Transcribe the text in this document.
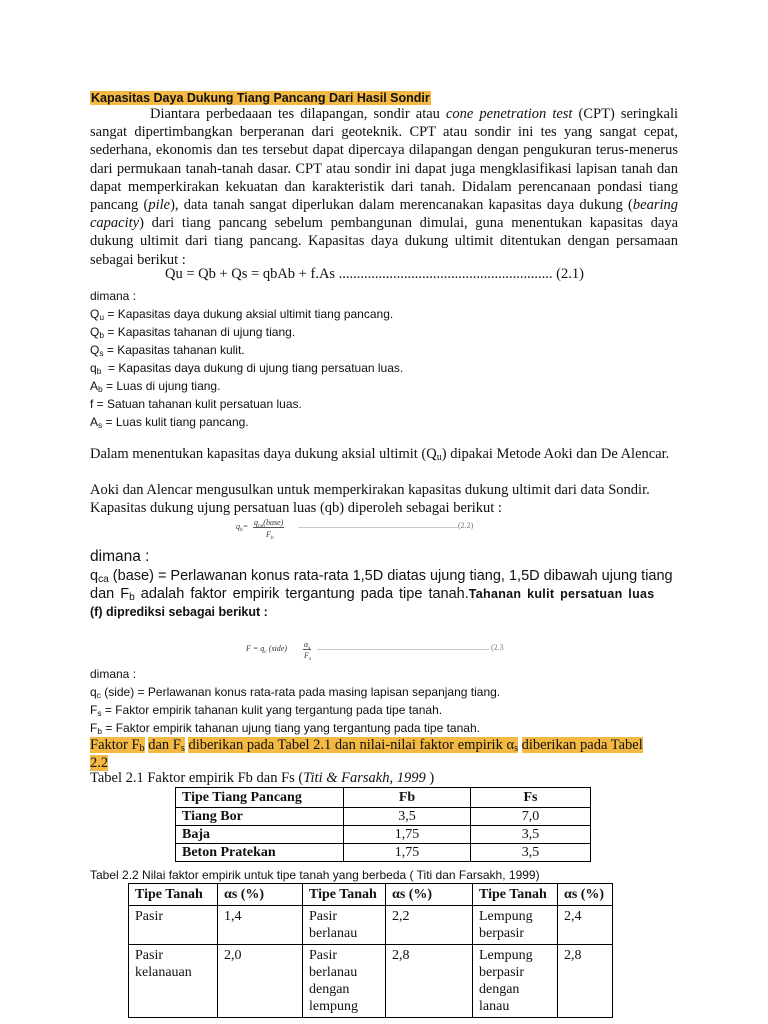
Kapasitas Daya Dukung Tiang Pancang Dari Hasil Sondir
Diantara perbedaaan tes dilapangan, sondir atau cone penetration test (CPT) seringkali sangat dipertimbangkan berperanan dari geoteknik. CPT atau sondir ini tes yang sangat cepat, sederhana, ekonomis dan tes tersebut dapat dipercaya dilapangan dengan pengukuran terus-menerus dari permukaan tanah-tanah dasar. CPT atau sondir ini dapat juga mengklasifikasi lapisan tanah dan dapat memperkirakan kekuatan dan karakteristik dari tanah. Didalam perencanaan pondasi tiang pancang (pile), data tanah sangat diperlukan dalam merencanakan kapasitas daya dukung (bearing capacity) dari tiang pancang sebelum pembangunan dimulai, guna menentukan kapasitas daya dukung ultimit dari tiang pancang. Kapasitas daya dukung ultimit ditentukan dengan persamaan sebagai berikut :
Qu = Qb + Qs = qbAb + f.As ........................................................... (2.1)
dimana :
$Q_u$ = Kapasitas daya dukung aksial ultimit tiang pancang.
$Q_b$ = Kapasitas tahanan di ujung tiang.
$Q_s$ = Kapasitas tahanan kulit.
$q_b$  = Kapasitas daya dukung di ujung tiang persatuan luas.
$A_b$ = Luas di ujung tiang.
f = Satuan tahanan kulit persatuan luas.
$A_s$ = Luas kulit tiang pancang.
Dalam menentukan kapasitas daya dukung aksial ultimit $(Q_u)$ dipakai Metode Aoki dan De Alencar.
Aoki dan Alencar mengusulkan untuk memperkirakan kapasitas dukung ultimit dari data Sondir.
Kapasitas dukung ujung persatuan luas (qb) diperoleh sebagai berikut :
$q_b=$ $q_{ca}(base)$
$F_b$
................................................................................(2.2)
dimana :
$q_{ca}$ (base) = Perlawanan konus rata-rata 1,5D diatas ujung tiang, 1,5D dibawah ujung tiang
dan $F_b$ adalah faktor empirik tergantung pada tipe tanah.Tahanan kulit persatuan luas
(f) diprediksi sebagai berikut :
$F = q_c$ (side) $\alpha_s$
$F_s$
...................................................................................... (2.3
dimana :
$q_c$ (side) = Perlawanan konus rata-rata pada masing lapisan sepanjang tiang.
$F_s$ = Faktor empirik tahanan kulit yang tergantung pada tipe tanah.
$F_b$ = Faktor empirik tahanan ujung tiang yang tergantung pada tipe tanah.
Faktor $F_b$ dan $F_s$ diberikan pada Tabel 2.1 dan nilai-nilai faktor empirik $\alpha_s$ diberikan pada Tabel
2.2
Tabel 2.1 Faktor empirik Fb dan Fs (Titi & Farsakh, 1999 )
Tipe Tiang Pancang	Fb	Fs
Tiang Bor	3,5	7,0
Baja	1,75	3,5
Beton Pratekan	1,75	3,5
Tabel 2.2 Nilai faktor empirik untuk tipe tanah yang berbeda ( Titi dan Farsakh, 1999)
Tipe Tanah	αs (%)	Tipe Tanah	αs (%)	Tipe Tanah	αs (%)
Pasir	1,4	Pasir berlanau	2,2	Lempung berpasir	2,4
Pasir kelanauan	2,0	Pasir berlanau dengan lempung	2,8	Lempung berpasir dengan lanau	2,8
